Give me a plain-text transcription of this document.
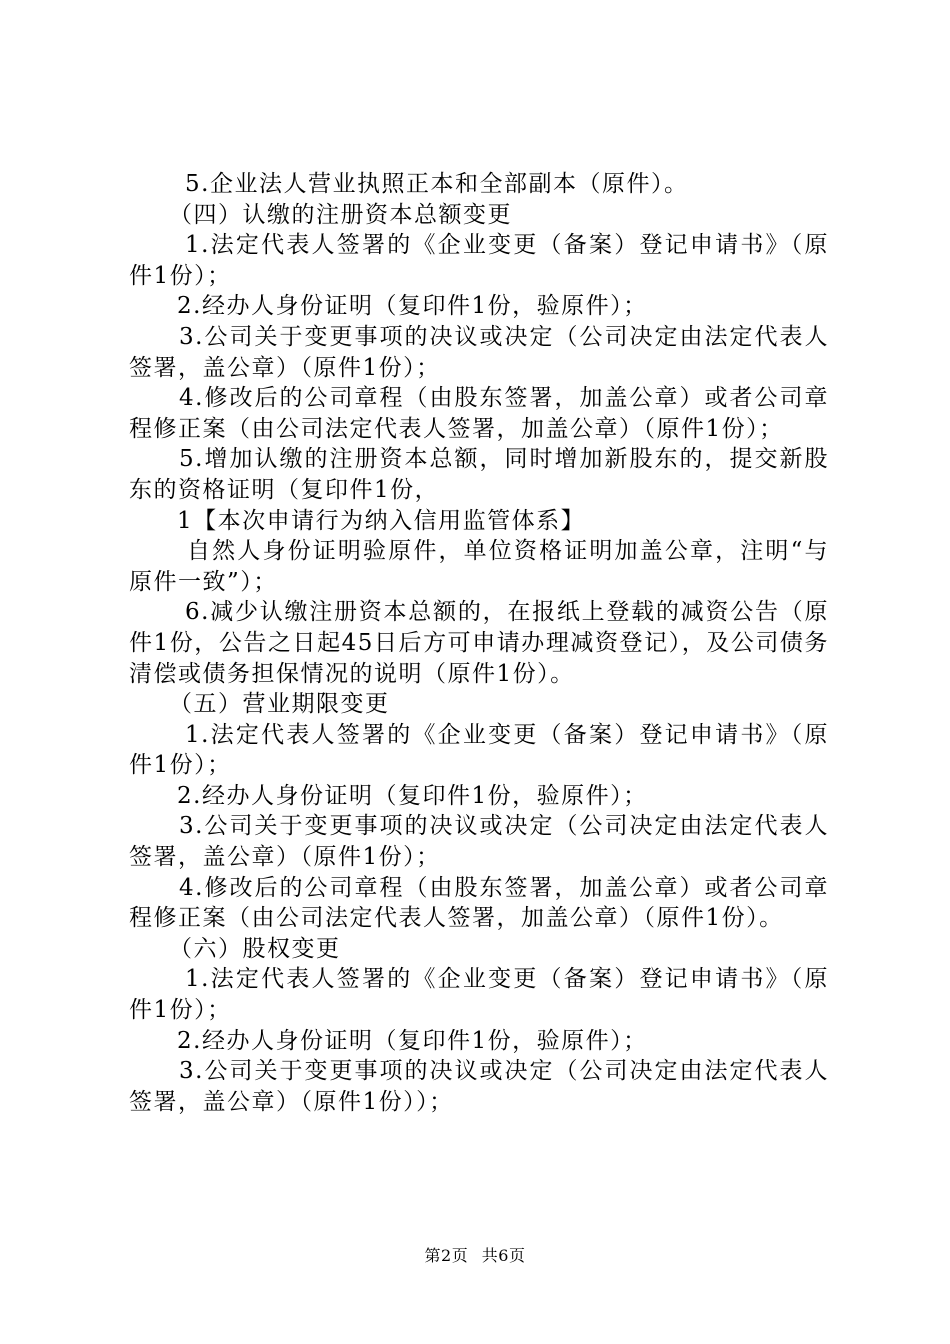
5.企业法人营业执照正本和全部副本（原件）。

（四）认缴的注册资本总额变更

1.法定代表人签署的《企业变更（备案）登记申请书》（原件1份）；

2.经办人身份证明（复印件1份，验原件）；

3.公司关于变更事项的决议或决定（公司决定由法定代表人签署，盖公章）（原件1份）；

4.修改后的公司章程（由股东签署，加盖公章）或者公司章程修正案（由公司法定代表人签署，加盖公章）（原件1份）；

5.增加认缴的注册资本总额，同时增加新股东的，提交新股东的资格证明（复印件1份，

1【本次申请行为纳入信用监管体系】

自然人身份证明验原件，单位资格证明加盖公章，注明“与原件一致”）；

6.减少认缴注册资本总额的，在报纸上登载的减资公告（原件1份，公告之日起45日后方可申请办理减资登记），及公司债务清偿或债务担保情况的说明（原件1份）。

（五）营业期限变更

1.法定代表人签署的《企业变更（备案）登记申请书》（原件1份）；

2.经办人身份证明（复印件1份，验原件）；

3.公司关于变更事项的决议或决定（公司决定由法定代表人签署，盖公章）（原件1份）；

4.修改后的公司章程（由股东签署，加盖公章）或者公司章程修正案（由公司法定代表人签署，加盖公章）（原件1份）。

（六）股权变更

1.法定代表人签署的《企业变更（备案）登记申请书》（原件1份）；

2.经办人身份证明（复印件1份，验原件）；

3.公司关于变更事项的决议或决定（公司决定由法定代表人签署，盖公章）（原件1份））；

第2页 共6页
